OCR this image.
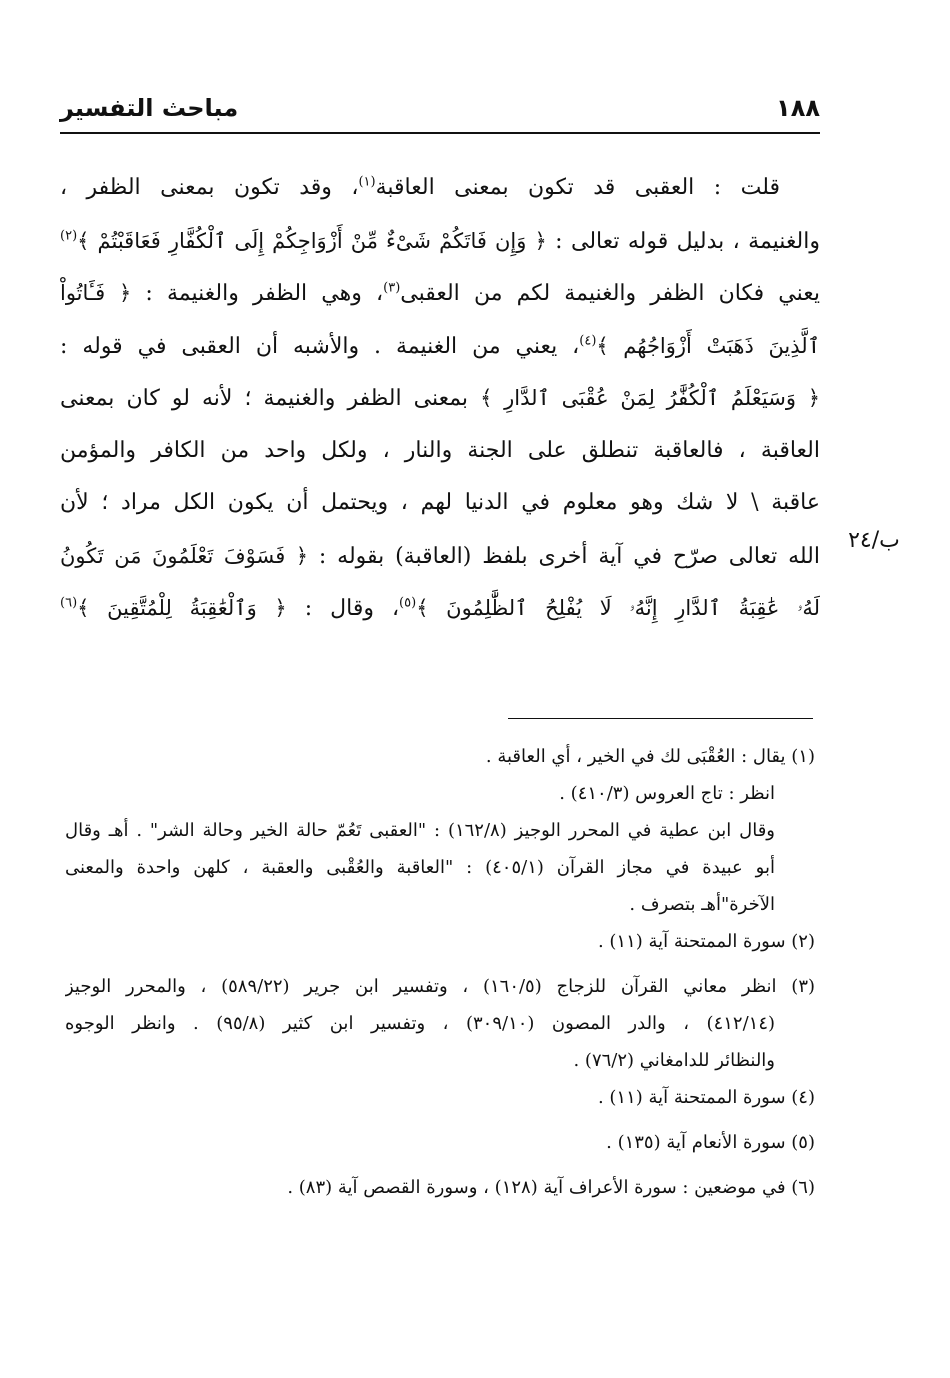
مباحث التفسير	١٨٨
ب/٢٤
قلت : العقبى قد تكون بمعنى العاقبة$^{(١)}$، وقد تكون بمعنى الظفر ،
والغنيمة ، بدليل قوله تعالى : ﴿ وَإِن فَاتَكُمْ شَىْءٌ مِّنْ أَزْوَاجِكُمْ إِلَى ٱلْكُفَّارِ فَعَاقَبْتُمْ ﴾$^{(٢)}$
يعني فكان الظفر والغنيمة لكم من العقبى$^{(٣)}$، وهي الظفر والغنيمة : ﴿ فَـَٔاتُواْ
ٱلَّذِينَ ذَهَبَتْ أَزْوَاجُهُم ﴾$^{(٤)}$، يعني من الغنيمة . والأشبه أن العقبى في قوله :
﴿ وَسَيَعْلَمُ ٱلْكُفَّٰرُ لِمَنْ عُقْبَى ٱلدَّارِ ﴾ بمعنى الظفر والغنيمة ؛ لأنه لو كان بمعنى
العاقبة ، فالعاقبة تنطلق على الجنة والنار ، ولكل واحد من الكافر والمؤمن
عاقبة \ لا شك وهو معلوم في الدنيا لهم ، ويحتمل أن يكون الكل مراد ؛ لأن
الله تعالى صرّح في آية أخرى بلفظ (العاقبة) بقوله : ﴿ فَسَوْفَ تَعْلَمُونَ مَن تَكُونُ
لَهُۥ عَٰقِبَةُ ٱلدَّارِ إِنَّهُۥ لَا يُفْلِحُ ٱلظَّٰلِمُونَ ﴾$^{(٥)}$، وقال : ﴿ وَٱلْعَٰقِبَةُ لِلْمُتَّقِينَ ﴾$^{(٦)}$
(١) يقال : العُقْبَى لك في الخير ، أي العاقبة .
انظر : تاج العروس (٤١٠/٣) .
وقال ابن عطية في المحرر الوجيز (١٦٢/٨) : "العقبى تَعُمّ حالة الخير وحالة الشر" . أهـ وقال
أبو عبيدة في مجاز القرآن (٤٠٥/١) : "العاقبة والعُقْبى والعقبة ، كلهن واحدة والمعنى
الآخرة"أهـ بتصرف .
(٢) سورة الممتحنة آية (١١) .
(٣) انظر معاني القرآن للزجاج (١٦٠/٥) ، وتفسير ابن جرير (٥٨٩/٢٢) ، والمحرر الوجيز
(٤١٢/١٤) ، والدر المصون (٣٠٩/١٠) ، وتفسير ابن كثير (٩٥/٨) . وانظر الوجوه
والنظائر للدامغاني (٧٦/٢) .
(٤) سورة الممتحنة آية (١١) .
(٥) سورة الأنعام آية (١٣٥) .
(٦) في موضعين : سورة الأعراف آية (١٢٨) ، وسورة القصص آية (٨٣) .
